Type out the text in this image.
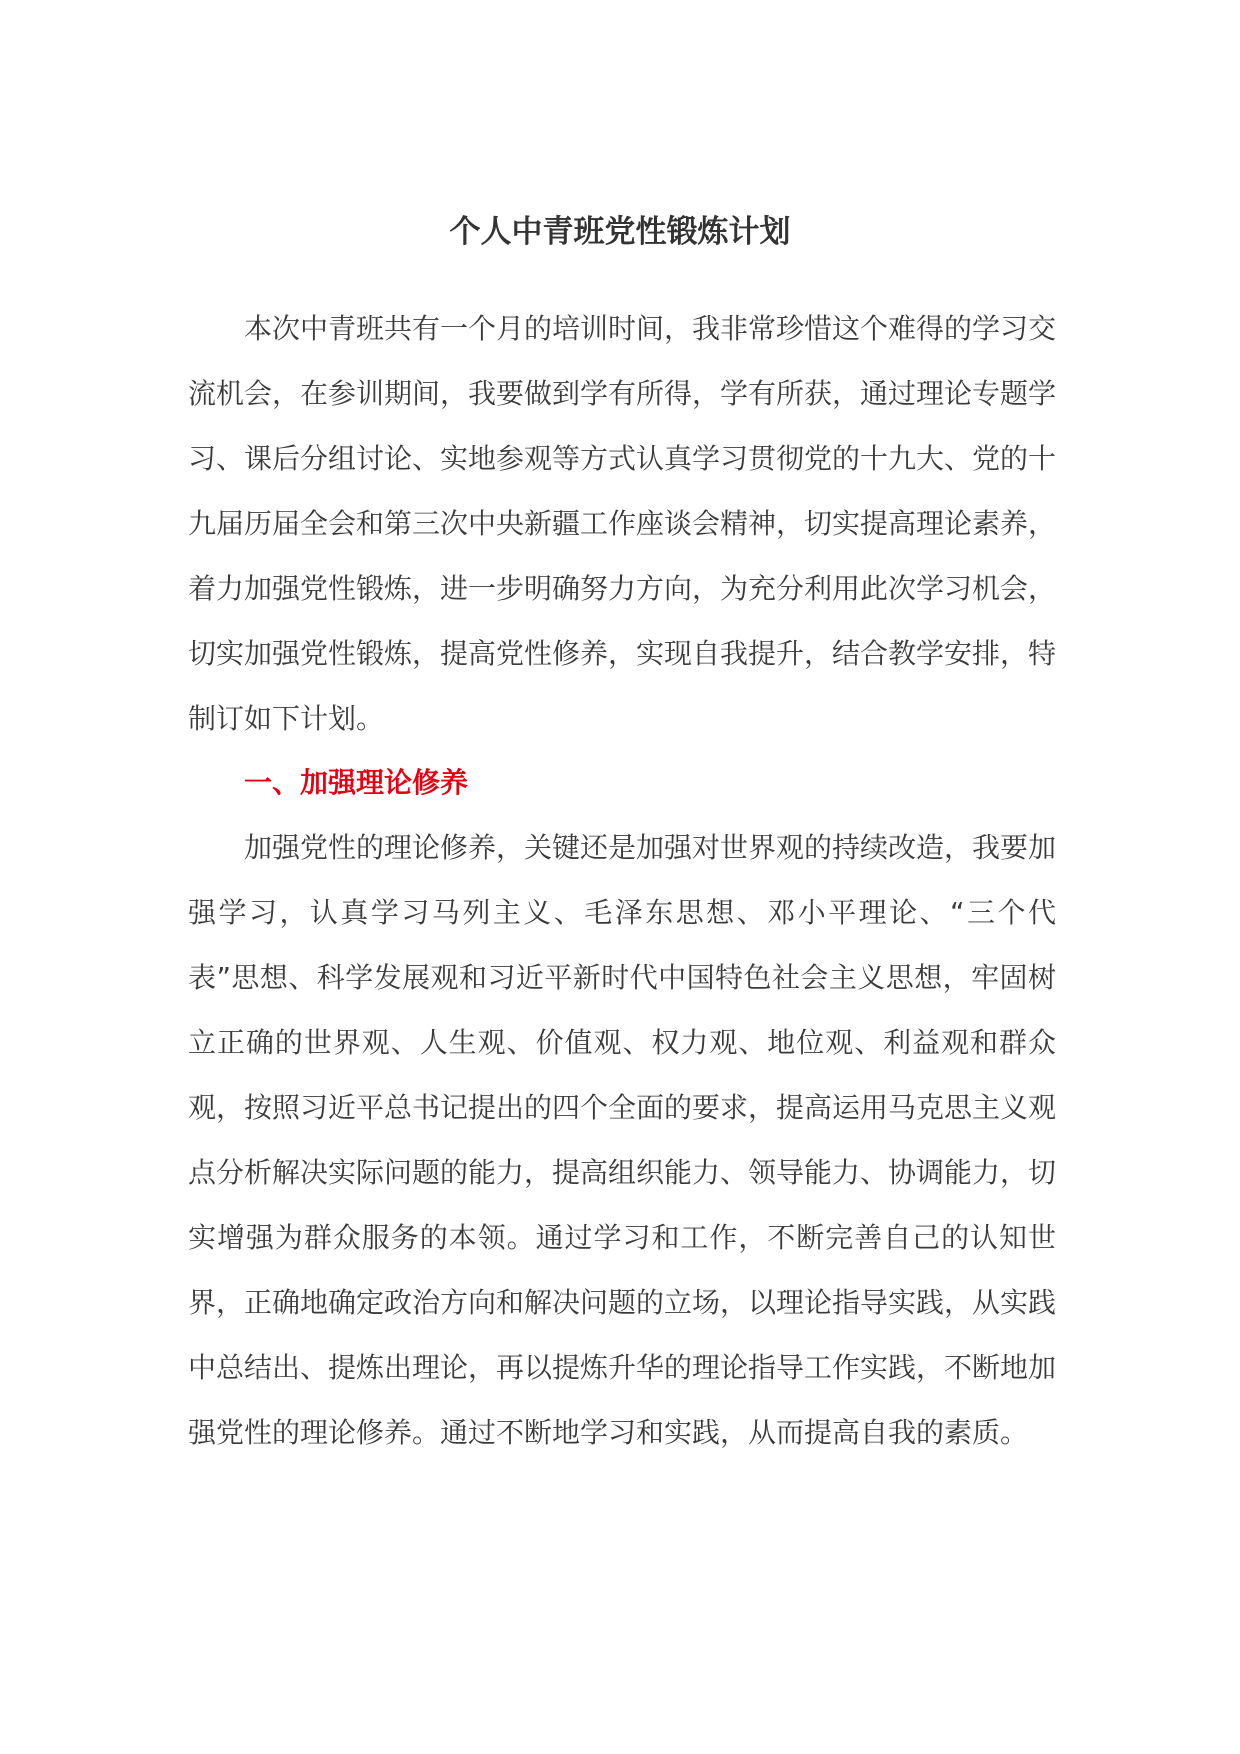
个人中青班党性锻炼计划

本次中青班共有一个月的培训时间，我非常珍惜这个难得的学习交流机会，在参训期间，我要做到学有所得，学有所获，通过理论专题学习、课后分组讨论、实地参观等方式认真学习贯彻党的十九大、党的十九届历届全会和第三次中央新疆工作座谈会精神，切实提高理论素养，着力加强党性锻炼，进一步明确努力方向，为充分利用此次学习机会，切实加强党性锻炼，提高党性修养，实现自我提升，结合教学安排，特制订如下计划。

一、加强理论修养

加强党性的理论修养，关键还是加强对世界观的持续改造，我要加强学习，认真学习马列主义、毛泽东思想、邓小平理论、“三个代表”思想、科学发展观和习近平新时代中国特色社会主义思想，牢固树立正确的世界观、人生观、价值观、权力观、地位观、利益观和群众观，按照习近平总书记提出的四个全面的要求，提高运用马克思主义观点分析解决实际问题的能力，提高组织能力、领导能力、协调能力，切实增强为群众服务的本领。通过学习和工作，不断完善自己的认知世界，正确地确定政治方向和解决问题的立场，以理论指导实践，从实践中总结出、提炼出理论，再以提炼升华的理论指导工作实践，不断地加强党性的理论修养。通过不断地学习和实践，从而提高自我的素质。
